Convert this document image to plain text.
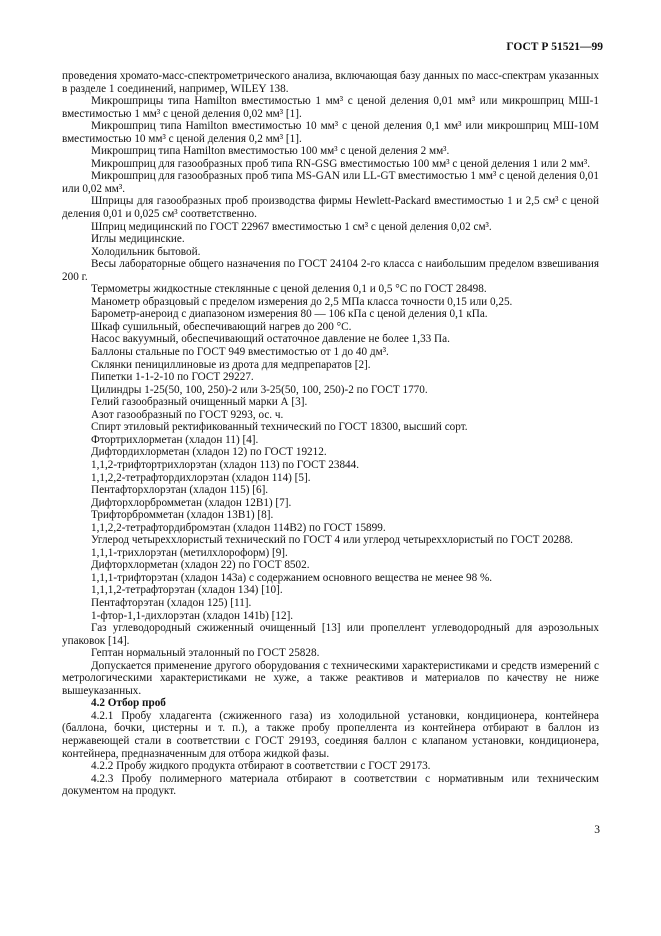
ГОСТ Р 51521—99

проведения хромато-масс-спектрометрического анализа, включающая базу данных по масс-спектрам указанных в разделе 1 соединений, например, WILEY 138.

Микрошприцы типа Hamilton вместимостью 1 мм³ с ценой деления 0,01 мм³ или микрошприц МШ-1 вместимостью 1 мм³ с ценой деления 0,02 мм³ [1].

Микрошприц типа Hamilton вместимостью 10 мм³ с ценой деления 0,1 мм³ или микрошприц МШ-10М вместимостью 10 мм³ с ценой деления 0,2 мм³ [1].

Микрошприц типа Hamilton вместимостью 100 мм³ с ценой деления 2 мм³.

Микрошприц для газообразных проб типа RN-GSG вместимостью 100 мм³ с ценой деления 1 или 2 мм³.

Микрошприц для газообразных проб типа MS-GAN или LL-GT вместимостью 1 мм³ с ценой деления 0,01 или 0,02 мм³.

Шприцы для газообразных проб производства фирмы Hewlett-Packard вместимостью 1 и 2,5 см³ с ценой деления 0,01 и 0,025 см³ соответственно.

Шприц медицинский по ГОСТ 22967 вместимостью 1 см³ с ценой деления 0,02 см³.

Иглы медицинские.

Холодильник бытовой.

Весы лабораторные общего назначения по ГОСТ 24104 2-го класса с наибольшим пределом взвешивания 200 г.

Термометры жидкостные стеклянные с ценой деления 0,1 и 0,5 °С по ГОСТ 28498.

Манометр образцовый с пределом измерения до 2,5 МПа класса точности 0,15 или 0,25.

Барометр-анероид с диапазоном измерения 80 — 106 кПа с ценой деления 0,1 кПа.

Шкаф сушильный, обеспечивающий нагрев до 200 °С.

Насос вакуумный, обеспечивающий остаточное давление не более 1,33 Па.

Баллоны стальные по ГОСТ 949 вместимостью от 1 до 40 дм³.

Склянки пенициллиновые из дрота для медпрепаратов [2].

Пипетки 1-1-2-10 по ГОСТ 29227.

Цилиндры 1-25(50, 100, 250)-2 или 3-25(50, 100, 250)-2 по ГОСТ 1770.

Гелий газообразный очищенный марки А [3].

Азот газообразный по ГОСТ 9293, ос. ч.

Спирт этиловый ректификованный технический по ГОСТ 18300, высший сорт.

Фтортрихлорметан (хладон 11) [4].

Дифтордихлорметан (хладон 12) по ГОСТ 19212.

1,1,2-трифтортрихлорэтан (хладон 113) по ГОСТ 23844.

1,1,2,2-тетрафтордихлорэтан (хладон 114) [5].

Пентафторхлорэтан (хладон 115) [6].

Дифторхлорбромметан (хладон 12В1) [7].

Трифторбромметан (хладон 13В1) [8].

1,1,2,2-тетрафтордибромэтан (хладон 114В2) по ГОСТ 15899.

Углерод четыреххлористый технический по ГОСТ 4 или углерод четыреххлористый по ГОСТ 20288.

1,1,1-трихлорэтан (метилхлороформ) [9].

Дифторхлорметан (хладон 22) по ГОСТ 8502.

1,1,1-трифторэтан (хладон 143а) с содержанием основного вещества не менее 98 %.

1,1,1,2-тетрафторэтан (хладон 134) [10].

Пентафторэтан (хладон 125) [11].

1-фтор-1,1-дихлорэтан (хладон 141b) [12].

Газ углеводородный сжиженный очищенный [13] или пропеллент углеводородный для аэрозольных упаковок [14].

Гептан нормальный эталонный по ГОСТ 25828.

Допускается применение другого оборудования с техническими характеристиками и средств измерений с метрологическими характеристиками не хуже, а также реактивов и материалов по качеству не ниже вышеуказанных.

4.2 Отбор проб

4.2.1 Пробу хладагента (сжиженного газа) из холодильной установки, кондиционера, контейнера (баллона, бочки, цистерны и т. п.), а также пробу пропеллента из контейнера отбирают в баллон из нержавеющей стали в соответствии с ГОСТ 29193, соединяя баллон с клапаном установки, кондиционера, контейнера, предназначенным для отбора жидкой фазы.

4.2.2 Пробу жидкого продукта отбирают в соответствии с ГОСТ 29173.

4.2.3 Пробу полимерного материала отбирают в соответствии с нормативным или техническим документом на продукт.

3
